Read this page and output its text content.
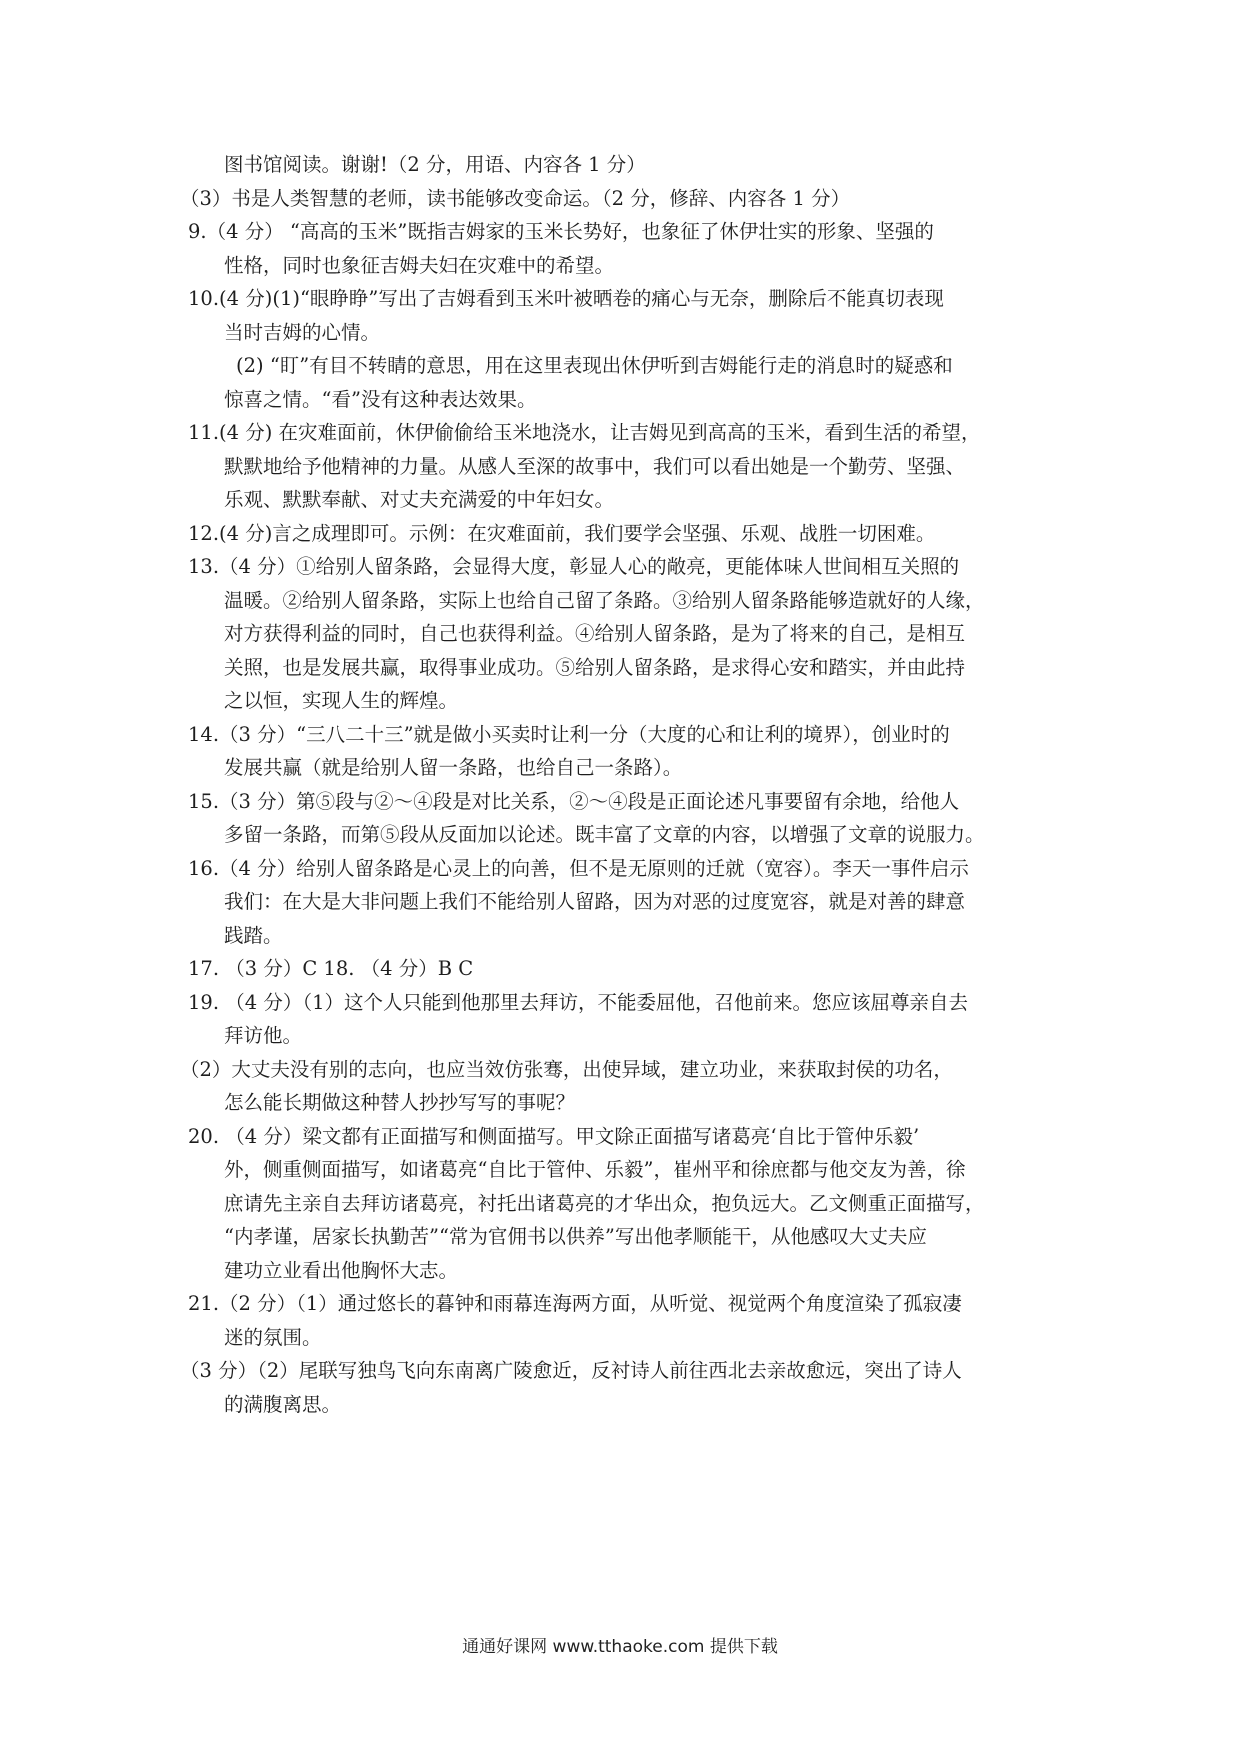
图书馆阅读。谢谢!（2 分，用语、内容各 1 分）
（3）书是人类智慧的老师，读书能够改变命运。（2 分，修辞、内容各 1 分）
9.（4 分） “高高的玉米”既指吉姆家的玉米长势好，也象征了休伊壮实的形象、坚强的
性格，同时也象征吉姆夫妇在灾难中的希望。
10.(4 分)(1)“眼睁睁”写出了吉姆看到玉米叶被晒卷的痛心与无奈，删除后不能真切表现
当时吉姆的心情。
(2) “盯”有目不转睛的意思，用在这里表现出休伊听到吉姆能行走的消息时的疑惑和
惊喜之情。“看”没有这种表达效果。
11.(4 分) 在灾难面前，休伊偷偷给玉米地浇水，让吉姆见到高高的玉米，看到生活的希望，
默默地给予他精神的力量。从感人至深的故事中，我们可以看出她是一个勤劳、坚强、
乐观、默默奉献、对丈夫充满爱的中年妇女。
12.(4 分)言之成理即可。示例：在灾难面前，我们要学会坚强、乐观、战胜一切困难。
13.（4 分）①给别人留条路，会显得大度，彰显人心的敞亮，更能体味人世间相互关照的
温暖。②给别人留条路，实际上也给自己留了条路。③给别人留条路能够造就好的人缘，
对方获得利益的同时，自己也获得利益。④给别人留条路，是为了将来的自己，是相互
关照，也是发展共赢，取得事业成功。⑤给别人留条路，是求得心安和踏实，并由此持
之以恒，实现人生的辉煌。
14.（3 分）“三八二十三”就是做小买卖时让利一分（大度的心和让利的境界），创业时的
发展共赢（就是给别人留一条路，也给自己一条路）。
15.（3 分）第⑤段与②～④段是对比关系，②～④段是正面论述凡事要留有余地，给他人
多留一条路，而第⑤段从反面加以论述。既丰富了文章的内容，以增强了文章的说服力。
16.（4 分）给别人留条路是心灵上的向善，但不是无原则的迁就（宽容）。李天一事件启示
我们：在大是大非问题上我们不能给别人留路，因为对恶的过度宽容，就是对善的肆意
践踏。
17. （3 分）C 18. （4 分）B C
19. （4 分）（1）这个人只能到他那里去拜访，不能委屈他，召他前来。您应该屈尊亲自去
拜访他。
（2）大丈夫没有别的志向，也应当效仿张骞，出使异域，建立功业，来获取封侯的功名，
怎么能长期做这种替人抄抄写写的事呢？
20. （4 分）梁文都有正面描写和侧面描写。甲文除正面描写诸葛亮‘自比于管仲乐毅’
外，侧重侧面描写，如诸葛亮“自比于管仲、乐毅”，崔州平和徐庶都与他交友为善，徐
庶请先主亲自去拜访诸葛亮，衬托出诸葛亮的才华出众，抱负远大。乙文侧重正面描写，
“内孝谨，居家长执勤苦”“常为官佣书以供养”写出他孝顺能干，从他感叹大丈夫应
建功立业看出他胸怀大志。
21.（2 分）（1）通过悠长的暮钟和雨幕连海两方面，从听觉、视觉两个角度渲染了孤寂凄
迷的氛围。
（3 分）（2）尾联写独鸟飞向东南离广陵愈近，反衬诗人前往西北去亲故愈远，突出了诗人
的满腹离思。
通通好课网 www.tthaoke.com 提供下载
